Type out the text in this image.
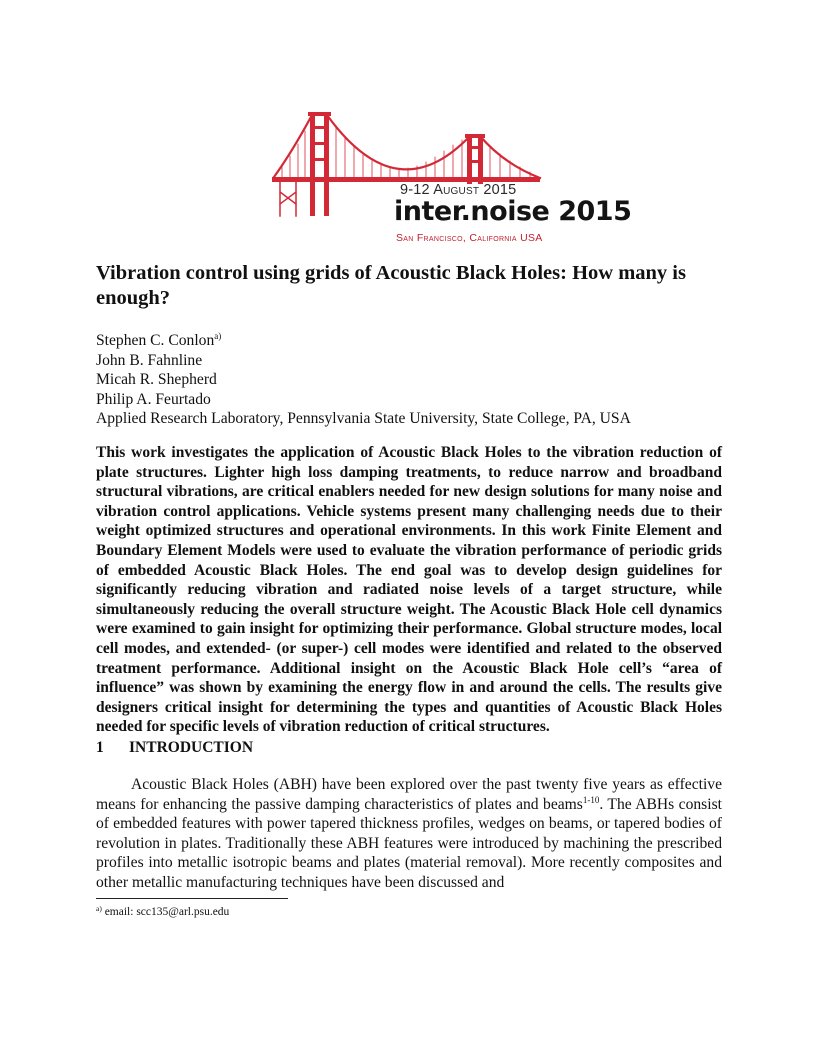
9-12 August 2015
inter.noise 2015
San Francisco, California USA
Vibration control using grids of Acoustic Black Holes: How many is enough?
Stephen C. Conlon$^{a)}$
John B. Fahnline
Micah R. Shepherd
Philip A. Feurtado
Applied Research Laboratory, Pennsylvania State University, State College, PA, USA

This work investigates the application of Acoustic Black Holes to the vibration reduction of plate structures. Lighter high loss damping treatments, to reduce narrow and broadband structural vibrations, are critical enablers needed for new design solutions for many noise and vibration control applications. Vehicle systems present many challenging needs due to their weight optimized structures and operational environments. In this work Finite Element and Boundary Element Models were used to evaluate the vibration performance of periodic grids of embedded Acoustic Black Holes. The end goal was to develop design guidelines for significantly reducing vibration and radiated noise levels of a target structure, while simultaneously reducing the overall structure weight. The Acoustic Black Hole cell dynamics were examined to gain insight for optimizing their performance. Global structure modes, local cell modes, and extended- (or super-) cell modes were identified and related to the observed treatment performance. Additional insight on the Acoustic Black Hole cell’s “area of influence” was shown by examining the energy flow in and around the cells. The results give designers critical insight for determining the types and quantities of Acoustic Black Holes needed for specific levels of vibration reduction of critical structures.

1 INTRODUCTION

Acoustic Black Holes (ABH) have been explored over the past twenty five years as effective means for enhancing the passive damping characteristics of plates and beams$^{1-10}$. The ABHs consist of embedded features with power tapered thickness profiles, wedges on beams, or tapered bodies of revolution in plates. Traditionally these ABH features were introduced by machining the prescribed profiles into metallic isotropic beams and plates (material removal). More recently composites and other metallic manufacturing techniques have been discussed and

$^{a)}$ email: scc135@arl.psu.edu
